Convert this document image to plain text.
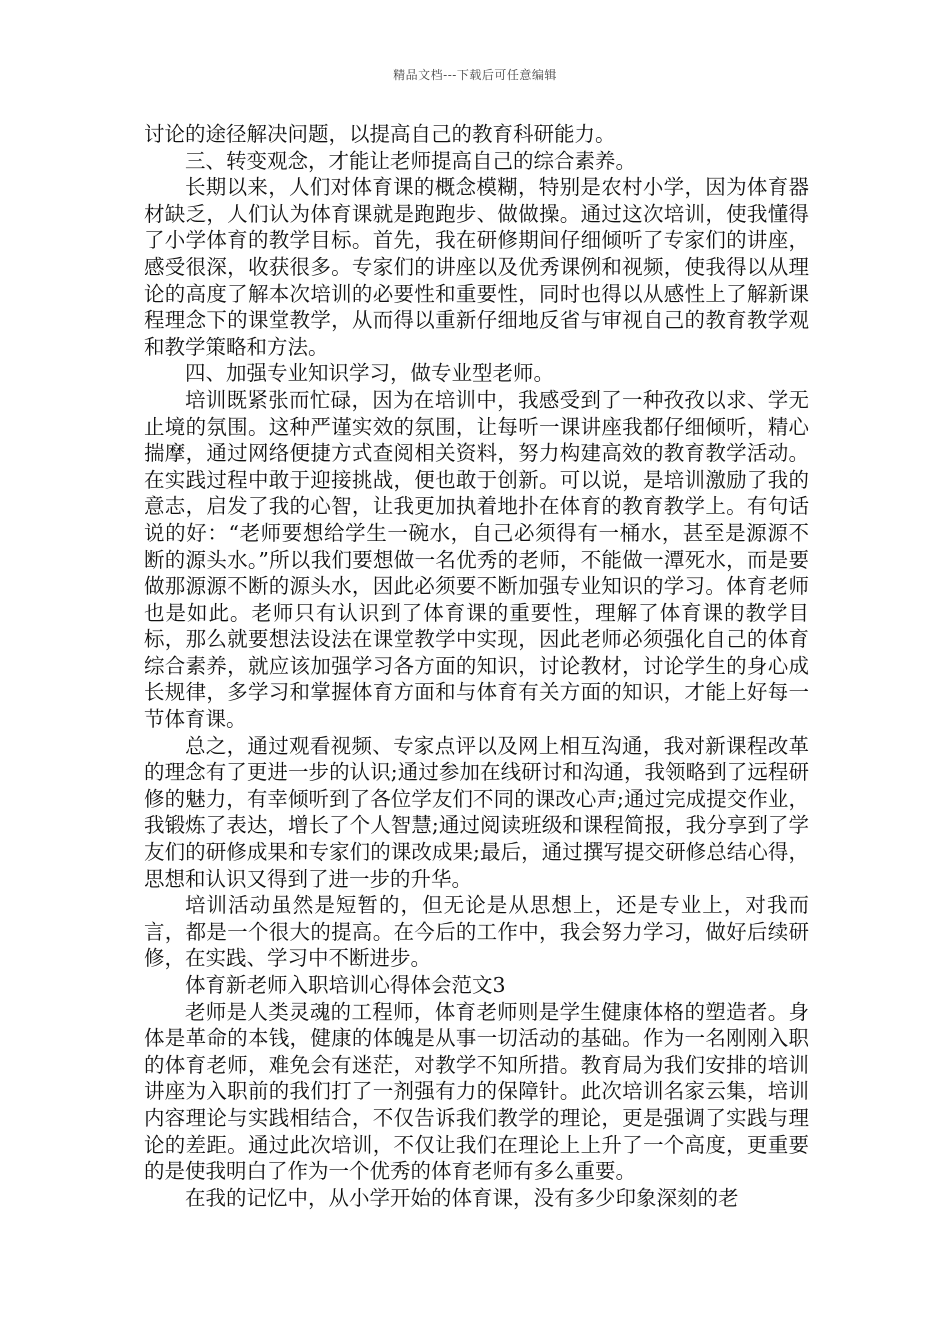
精品文档---下载后可任意编辑

讨论的途径解决问题，以提高自己的教育科研能力。

三、转变观念，才能让老师提高自己的综合素养。

长期以来，人们对体育课的概念模糊，特别是农村小学，因为体育器材缺乏，人们认为体育课就是跑跑步、做做操。通过这次培训，使我懂得了小学体育的教学目标。首先，我在研修期间仔细倾听了专家们的讲座，感受很深，收获很多。专家们的讲座以及优秀课例和视频，使我得以从理论的高度了解本次培训的必要性和重要性，同时也得以从感性上了解新课程理念下的课堂教学，从而得以重新仔细地反省与审视自己的教育教学观和教学策略和方法。

四、加强专业知识学习，做专业型老师。

培训既紧张而忙碌，因为在培训中，我感受到了一种孜孜以求、学无止境的氛围。这种严谨实效的氛围，让每听一课讲座我都仔细倾听，精心揣摩，通过网络便捷方式查阅相关资料，努力构建高效的教育教学活动。在实践过程中敢于迎接挑战，便也敢于创新。可以说，是培训激励了我的意志，启发了我的心智，让我更加执着地扑在体育的教育教学上。有句话说的好：“老师要想给学生一碗水，自己必须得有一桶水，甚至是源源不断的源头水。”所以我们要想做一名优秀的老师，不能做一潭死水，而是要做那源源不断的源头水，因此必须要不断加强专业知识的学习。体育老师也是如此。老师只有认识到了体育课的重要性，理解了体育课的教学目标，那么就要想法设法在课堂教学中实现，因此老师必须强化自己的体育综合素养，就应该加强学习各方面的知识，讨论教材，讨论学生的身心成长规律，多学习和掌握体育方面和与体育有关方面的知识，才能上好每一节体育课。

总之，通过观看视频、专家点评以及网上相互沟通，我对新课程改革的理念有了更进一步的认识;通过参加在线研讨和沟通，我领略到了远程研修的魅力，有幸倾听到了各位学友们不同的课改心声;通过完成提交作业，我锻炼了表达，增长了个人智慧;通过阅读班级和课程简报，我分享到了学友们的研修成果和专家们的课改成果;最后，通过撰写提交研修总结心得，思想和认识又得到了进一步的升华。

培训活动虽然是短暂的，但无论是从思想上，还是专业上，对我而言，都是一个很大的提高。在今后的工作中，我会努力学习，做好后续研修，在实践、学习中不断进步。

体育新老师入职培训心得体会范文3

老师是人类灵魂的工程师，体育老师则是学生健康体格的塑造者。身体是革命的本钱，健康的体魄是从事一切活动的基础。作为一名刚刚入职的体育老师，难免会有迷茫，对教学不知所措。教育局为我们安排的培训讲座为入职前的我们打了一剂强有力的保障针。此次培训名家云集，培训内容理论与实践相结合，不仅告诉我们教学的理论，更是强调了实践与理论的差距。通过此次培训，不仅让我们在理论上上升了一个高度，更重要的是使我明白了作为一个优秀的体育老师有多么重要。

在我的记忆中，从小学开始的体育课，没有多少印象深刻的老
